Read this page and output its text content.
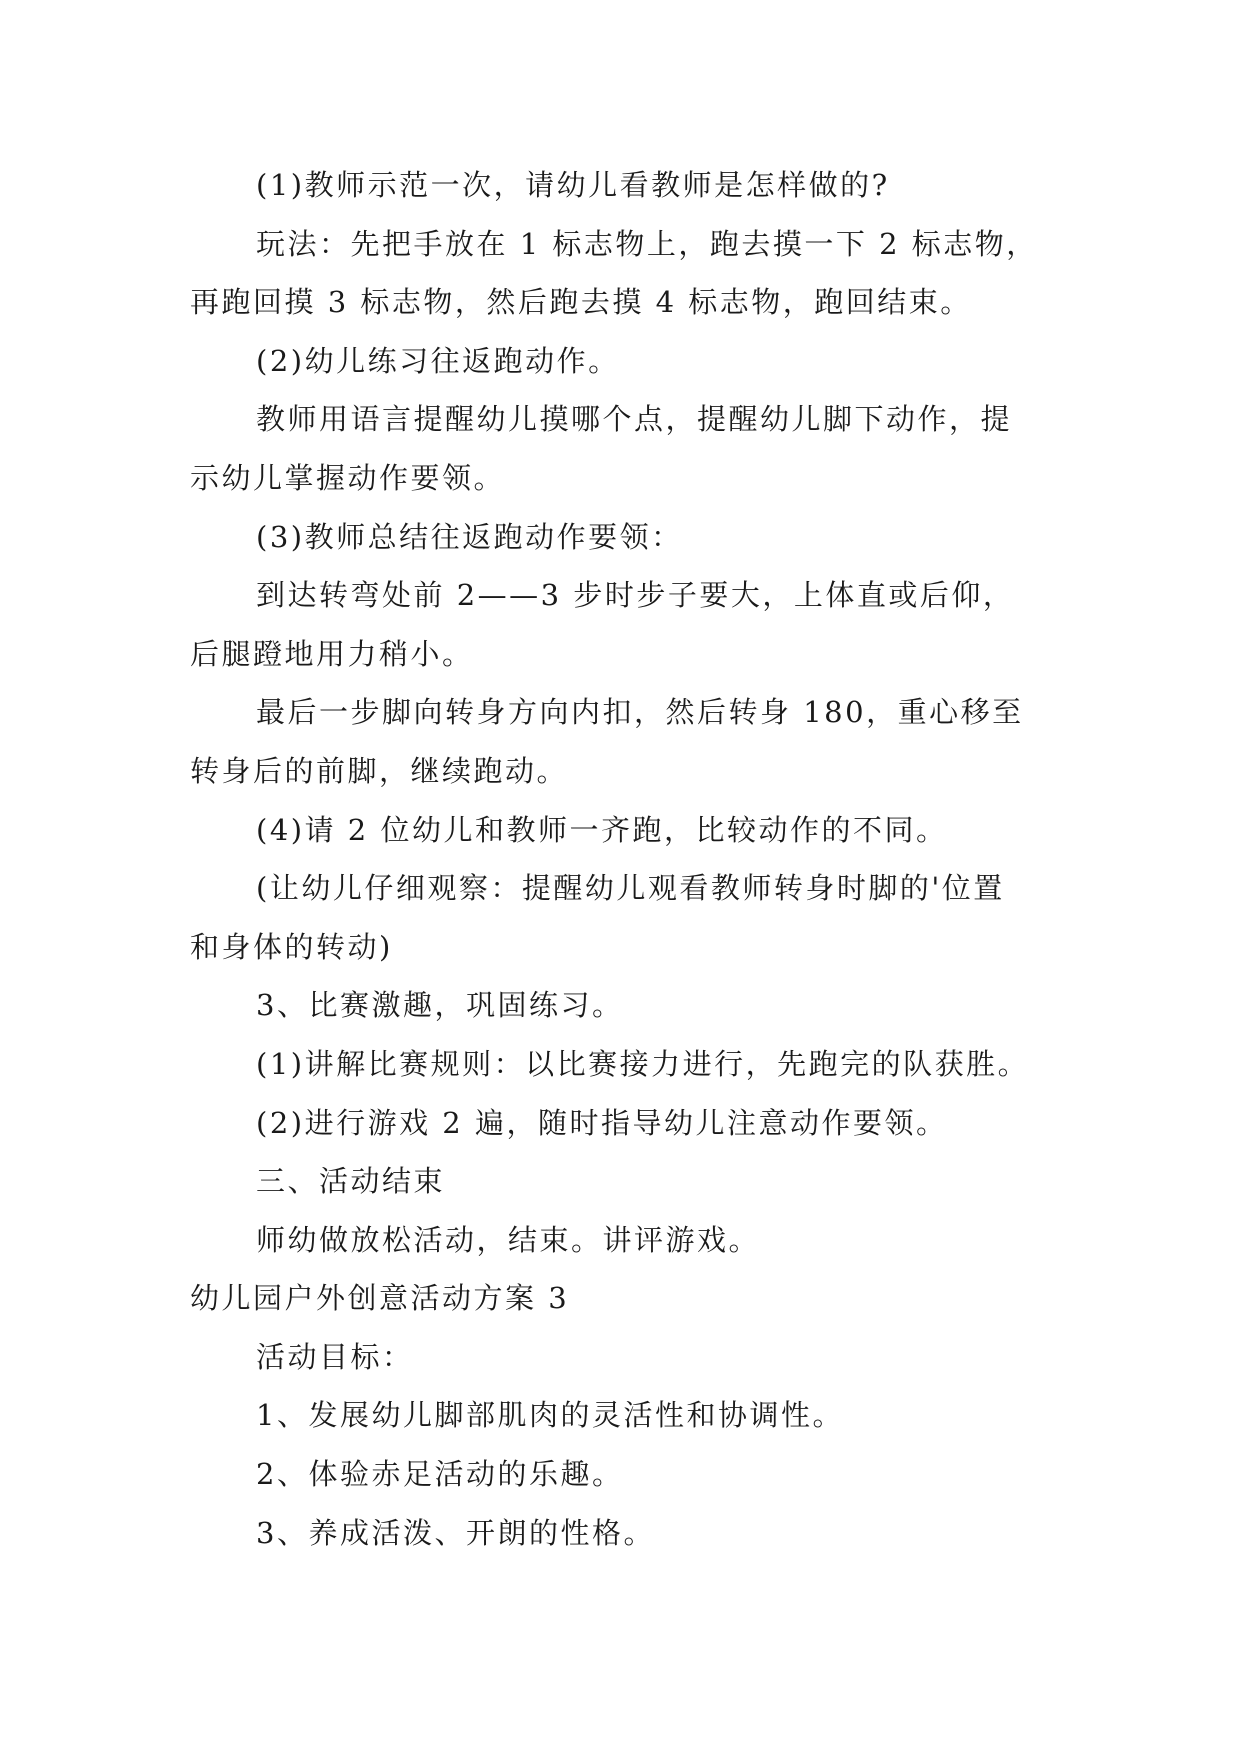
(1)教师示范一次，请幼儿看教师是怎样做的?
玩法：先把手放在 1 标志物上，跑去摸一下 2 标志物，
再跑回摸 3 标志物，然后跑去摸 4 标志物，跑回结束。
(2)幼儿练习往返跑动作。
教师用语言提醒幼儿摸哪个点，提醒幼儿脚下动作，提
示幼儿掌握动作要领。
(3)教师总结往返跑动作要领：
到达转弯处前 2——3 步时步子要大，上体直或后仰，
后腿蹬地用力稍小。
最后一步脚向转身方向内扣，然后转身 180，重心移至
转身后的前脚，继续跑动。
(4)请 2 位幼儿和教师一齐跑，比较动作的不同。
(让幼儿仔细观察：提醒幼儿观看教师转身时脚的'位置
和身体的转动)
3、比赛激趣，巩固练习。
(1)讲解比赛规则：以比赛接力进行，先跑完的队获胜。
(2)进行游戏 2 遍，随时指导幼儿注意动作要领。
三、活动结束
师幼做放松活动，结束。讲评游戏。
幼儿园户外创意活动方案 3
活动目标：
1、发展幼儿脚部肌肉的灵活性和协调性。
2、体验赤足活动的乐趣。
3、养成活泼、开朗的性格。
